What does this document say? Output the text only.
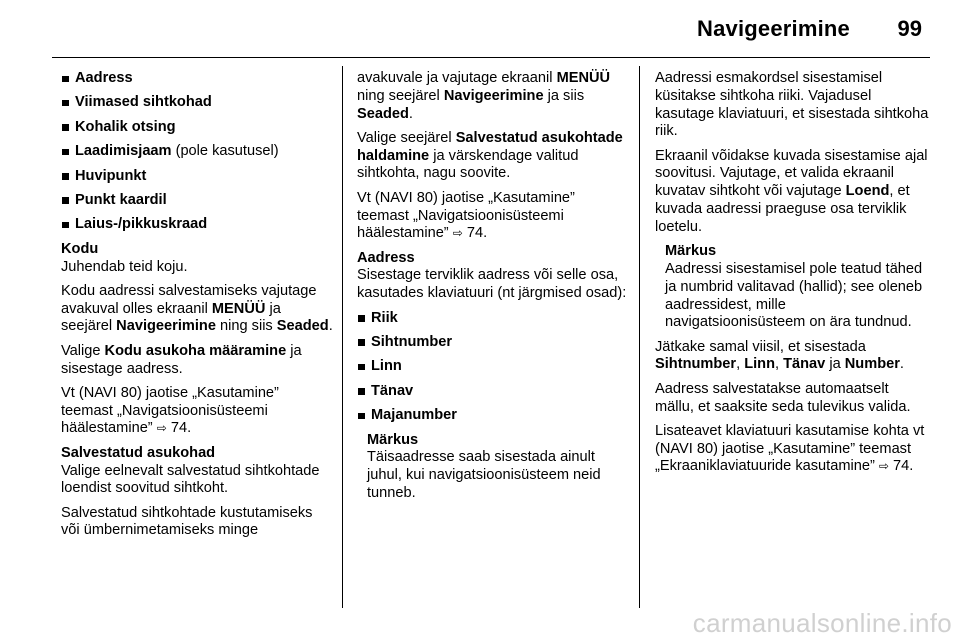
Navigeerimine 99
Aadress
Viimased sihtkohad
Kohalik otsing
Laadimisjaam (pole kasutusel)
Huvipunkt
Punkt kaardil
Laius-/pikkuskraad

Kodu

Juhendab teid koju.

Kodu aadressi salvestamiseks vajutage avakuval olles ekraanil MENÜÜ ja seejärel Navigeerimine ning siis Seaded.

Valige Kodu asukoha määramine ja sisestage aadress.

Vt (NAVI 80) jaotise „Kasutamine” teemast „Navigatsioonisüsteemi häälestamine” ⇨ 74.

Salvestatud asukohad

Valige eelnevalt salvestatud sihtkohtade loendist soovitud sihtkoht.

Salvestatud sihtkohtade kustutamiseks või ümbernimetamiseks minge

avakuvale ja vajutage ekraanil MENÜÜ ning seejärel Navigeerimine ja siis Seaded.

Valige seejärel Salvestatud asukohtade haldamine ja värskendage valitud sihtkohta, nagu soovite.

Vt (NAVI 80) jaotise „Kasutamine” teemast „Navigatsioonisüsteemi häälestamine” ⇨ 74.

Aadress

Sisestage terviklik aadress või selle osa, kasutades klaviatuuri (nt järgmised osad):

Riik
Sihtnumber
Linn
Tänav
Majanumber

Märkus

Täisaadresse saab sisestada ainult juhul, kui navigatsioonisüsteem neid tunneb.

Aadressi esmakordsel sisestamisel küsitakse sihtkoha riiki. Vajadusel kasutage klaviatuuri, et sisestada sihtkoha riik.

Ekraanil võidakse kuvada sisestamise ajal soovitusi. Vajutage, et valida ekraanil kuvatav sihtkoht või vajutage Loend, et kuvada aadressi praeguse osa terviklik loetelu.

Märkus

Aadressi sisestamisel pole teatud tähed ja numbrid valitavad (hallid); see oleneb aadressidest, mille navigatsioonisüsteem on ära tundnud.

Jätkake samal viisil, et sisestada Sihtnumber, Linn, Tänav ja Number.

Aadress salvestatakse automaatselt mällu, et saaksite seda tulevikus valida.

Lisateavet klaviatuuri kasutamise kohta vt (NAVI 80) jaotise „Kasutamine” teemast „Ekraaniklaviatuuride kasutamine” ⇨ 74.

carmanualsonline.info
